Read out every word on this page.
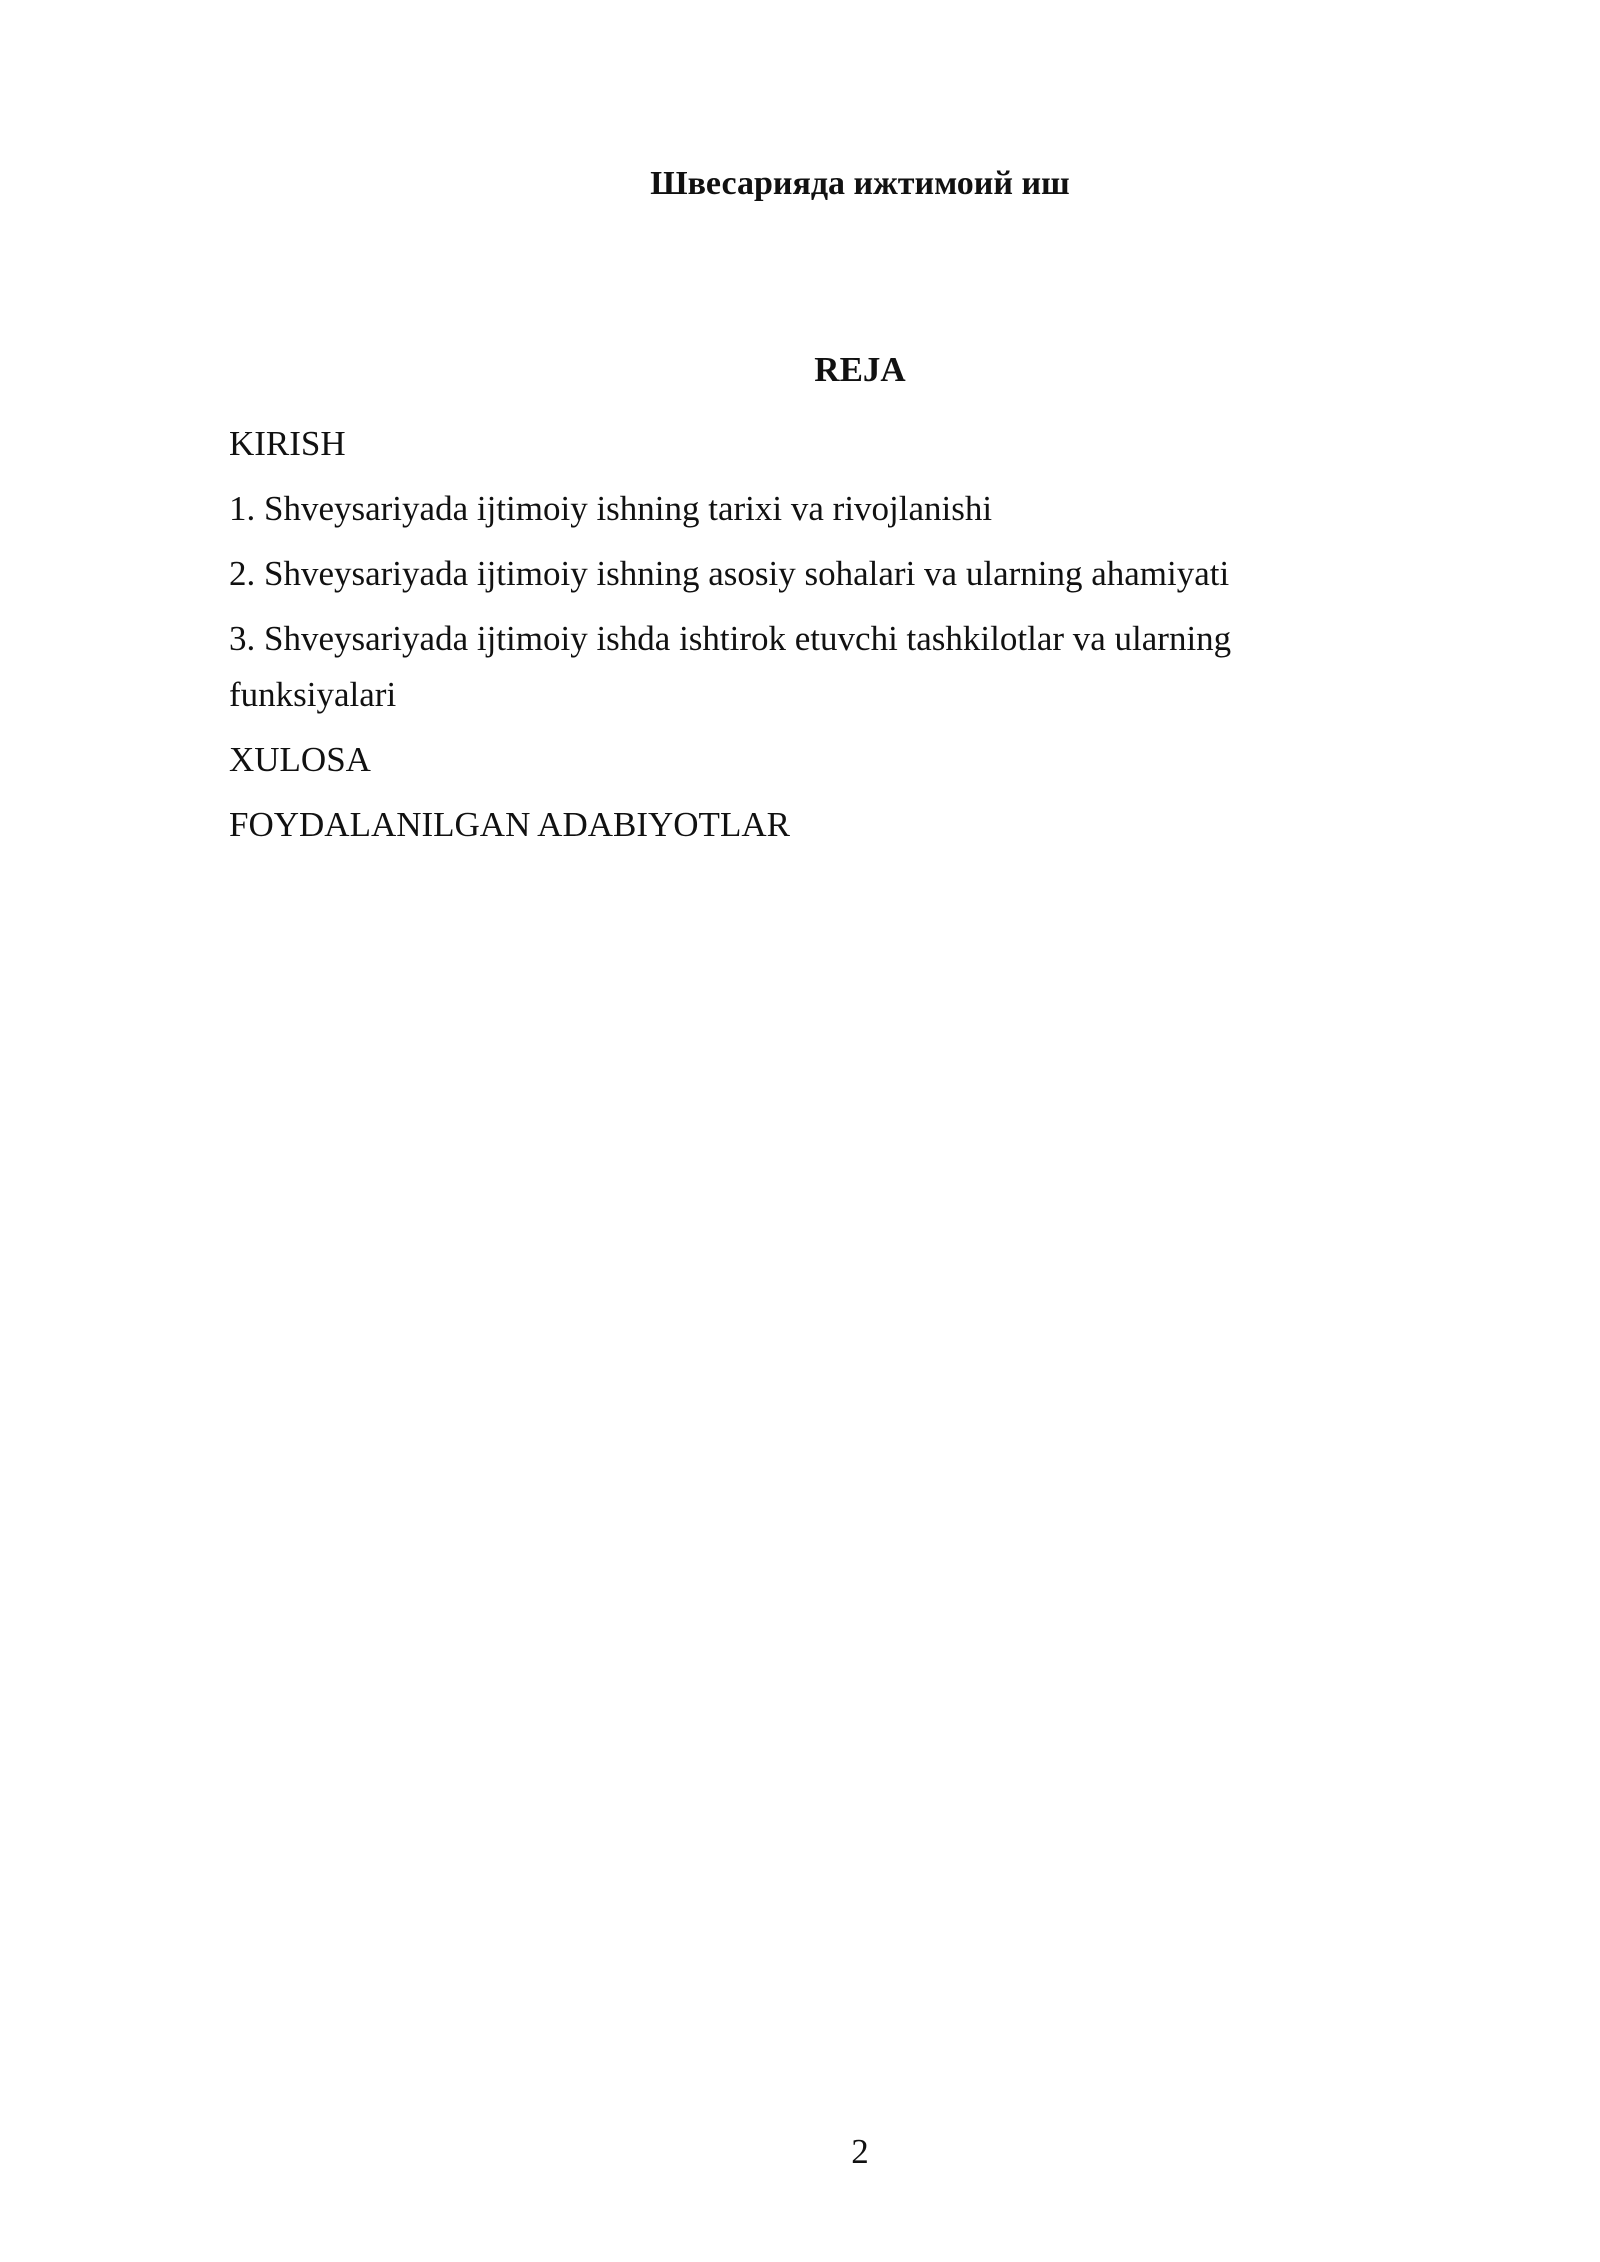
Швесарияда ижтимоий иш
REJA
KIRISH
1. Shveysariyada ijtimoiy ishning tarixi va rivojlanishi
2. Shveysariyada ijtimoiy ishning asosiy sohalari va ularning ahamiyati
3. Shveysariyada ijtimoiy ishda ishtirok etuvchi tashkilotlar va ularning funksiyalari
XULOSA
FOYDALANILGAN ADABIYOTLAR
2
